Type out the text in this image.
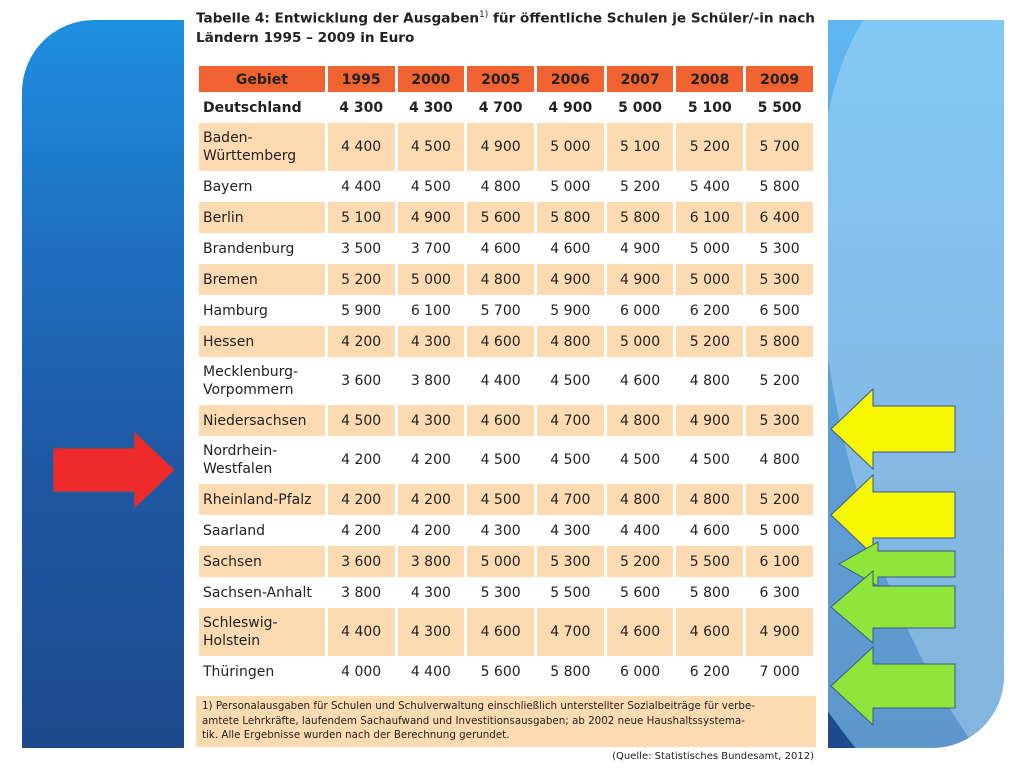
Tabelle 4: Entwicklung der Ausgaben$^{1)}$ für öffentliche Schulen je Schüler/-in nach Ländern 1995 – 2009 in Euro
Gebiet	1995	2000	2005	2006	2007	2008	2009
Deutschland	4 300	4 300	4 700	4 900	5 000	5 100	5 500
Baden-
Württemberg	4 400	4 500	4 900	5 000	5 100	5 200	5 700
Bayern	4 400	4 500	4 800	5 000	5 200	5 400	5 800
Berlin	5 100	4 900	5 600	5 800	5 800	6 100	6 400
Brandenburg	3 500	3 700	4 600	4 600	4 900	5 000	5 300
Bremen	5 200	5 000	4 800	4 900	4 900	5 000	5 300
Hamburg	5 900	6 100	5 700	5 900	6 000	6 200	6 500
Hessen	4 200	4 300	4 600	4 800	5 000	5 200	5 800
Mecklenburg-
Vorpommern	3 600	3 800	4 400	4 500	4 600	4 800	5 200
Niedersachsen	4 500	4 300	4 600	4 700	4 800	4 900	5 300
Nordrhein-
Westfalen	4 200	4 200	4 500	4 500	4 500	4 500	4 800
Rheinland-Pfalz	4 200	4 200	4 500	4 700	4 800	4 800	5 200
Saarland	4 200	4 200	4 300	4 300	4 400	4 600	5 000
Sachsen	3 600	3 800	5 000	5 300	5 200	5 500	6 100
Sachsen-Anhalt	3 800	4 300	5 300	5 500	5 600	5 800	6 300
Schleswig-
Holstein	4 400	4 300	4 600	4 700	4 600	4 600	4 900
Thüringen	4 000	4 400	5 600	5 800	6 000	6 200	7 000
1) Personalausgaben für Schulen und Schulverwaltung einschließlich unterstellter Sozialbeiträge für verbe-
amtete Lehrkräfte, laufendem Sachaufwand und Investitionsausgaben; ab 2002 neue Haushaltssystema-
tik. Alle Ergebnisse wurden nach der Berechnung gerundet.
(Quelle: Statistisches Bundesamt, 2012)
